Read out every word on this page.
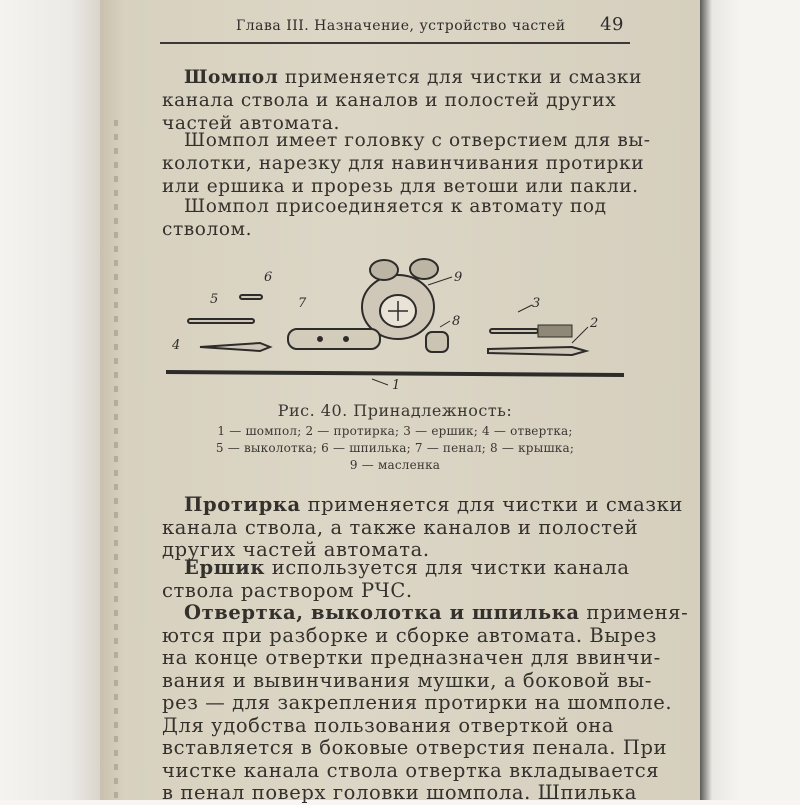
Глава III. Назначение, устройство частей 49
Шомпол применяется для чистки и смазки
канала ствола и каналов и полостей других
частей автомата.
Шомпол имеет головку с отверстием для вы-
колотки, нарезку для навинчивания протирки
или ершика и прорезь для ветоши или пакли.
Шомпол присоединяется к автомату под
стволом.
1
2
3
4
5
6
7
8
9
Рис. 40. Принадлежность:
1 — шомпол; 2 — протирка; 3 — ершик; 4 — отвертка;
5 — выколотка; 6 — шпилька; 7 — пенал; 8 — крышка;
9 — масленка
Протирка применяется для чистки и смазки
канала ствола, а также каналов и полостей
других частей автомата.
Ершик используется для чистки канала
ствола раствором РЧС.
Отвертка, выколотка и шпилька применя-
ются при разборке и сборке автомата. Вырез
на конце отвертки предназначен для ввинчи-
вания и вывинчивания мушки, а боковой вы-
рез — для закрепления протирки на шомполе.
Для удобства пользования отверткой она
вставляется в боковые отверстия пенала. При
чистке канала ствола отвертка вкладывается
в пенал поверх головки шомпола. Шпилька
